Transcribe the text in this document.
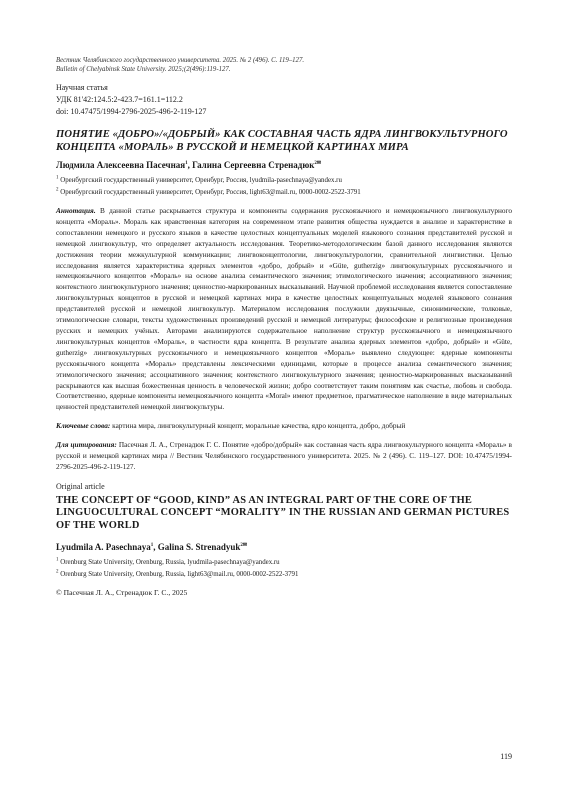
Вестник Челябинского государственного университета. 2025. № 2 (496). С. 119–127.
Bulletin of Chelyabinsk State University. 2025;(2(496):119-127.
Научная статья
УДК 81'42:124.5:2-423.7=161.1=112.2
doi: 10.47475/1994-2796-2025-496-2-119-127
ПОНЯТИЕ «ДОБРО»/«ДОБРЫЙ» КАК СОСТАВНАЯ ЧАСТЬ ЯДРА ЛИНГВОКУЛЬТУРНОГО КОНЦЕПТА «МОРАЛЬ» В РУССКОЙ И НЕМЕЦКОЙ КАРТИНАХ МИРА
Людмила Алексеевна Пасечная$^1$, Галина Сергеевна Стренадюк$^{2✉}$
$^1$ Оренбургский государственный университет, Оренбург, Россия, lyudmila-pasechnaya@yandex.ru
$^2$ Оренбургский государственный университет, Оренбург, Россия, light63@mail.ru, 0000-0002-2522-3791
Аннотация. В данной статье раскрывается структура и компоненты содержания русскоязычного и немецкоязычного лингвокультурного концепта «Мораль». Мораль как нравственная категория на современном этапе развития общества нуждается в анализе и характеристике в сопоставлении немецкого и русского языков в качестве целостных концептуальных моделей языкового сознания представителей русской и немецкой лингвокультур, что определяет актуальность исследования. Теоретико-методологическим базой данного исследования являются достижения теории межкультурной коммуникации; лингвоконцептологии, лингвокультурологии, сравнительной лингвистики. Целью исследования является характеристика ядерных элементов «добро, добрый» и «Güte, gutherzig» лингвокультурных русскоязычного и немецкоязычного концептов «Мораль» на основе анализа семантического значения; этимологического значения; ассоциативного значения; контекстного лингвокультурного значения; ценностно-маркированных высказываний. Научной проблемой исследования является сопоставление лингвокультурных концептов в русской и немецкой картинах мира в качестве целостных концептуальных моделей языкового сознания представителей русской и немецкой лингвокультур. Материалом исследования послужили двуязычные, синонимические, толковые, этимологические словари, тексты художественных произведений русской и немецкой литературы; философские и религиозные произведения русских и немецких учёных. Авторами анализируются содержательное наполнение структур русскоязычного и немецкоязычного лингвокультурных концептов «Мораль», в частности ядра концепта. В результате анализа ядерных элементов «добро, добрый» и «Güte, gutherzig» лингвокультурных русскоязычного и немецкоязычного концептов «Мораль» выявлено следующее: ядерные компоненты русскоязычного концепта «Мораль» представлены лексическими единицами, которые в процессе анализа семантического значения; этимологического значения; ассоциативного значения; контекстного лингвокультурного значения; ценностно-маркированных высказываний раскрываются как высшая божественная ценность в человеческой жизни; добро соответствует таким понятиям как счастье, любовь и свобода. Соответственно, ядерные компоненты немецкоязычного концепта «Moral» имеют предметное, прагматическое наполнение в виде материальных ценностей представителей немецкой лингвокультуры.
Ключевые слова: картина мира, лингвокультурный концепт, моральные качества, ядро концепта, добро, добрый
Для цитирования: Пасечная Л. А., Стренадюк Г. С. Понятие «добро/добрый» как составная часть ядра лингвокультурного концепта «Мораль» в русской и немецкой картинах мира // Вестник Челябинского государственного университета. 2025. № 2 (496). С. 119–127. DOI: 10.47475/1994-2796-2025-496-2-119-127.
Original article
THE CONCEPT OF “GOOD, KIND” AS AN INTEGRAL PART OF THE CORE OF THE LINGUOCULTURAL CONCEPT “MORALITY” IN THE RUSSIAN AND GERMAN PICTURES OF THE WORLD
Lyudmila A. Pasechnaya$^1$, Galina S. Strenadyuk$^{2✉}$
$^1$ Orenburg State University, Orenburg, Russia, lyudmila-pasechnaya@yandex.ru
$^2$ Orenburg State University, Orenburg, Russia, light63@mail.ru, 0000-0002-2522-3791
© Пасечная Л. А., Стренадюк Г. С., 2025
119
